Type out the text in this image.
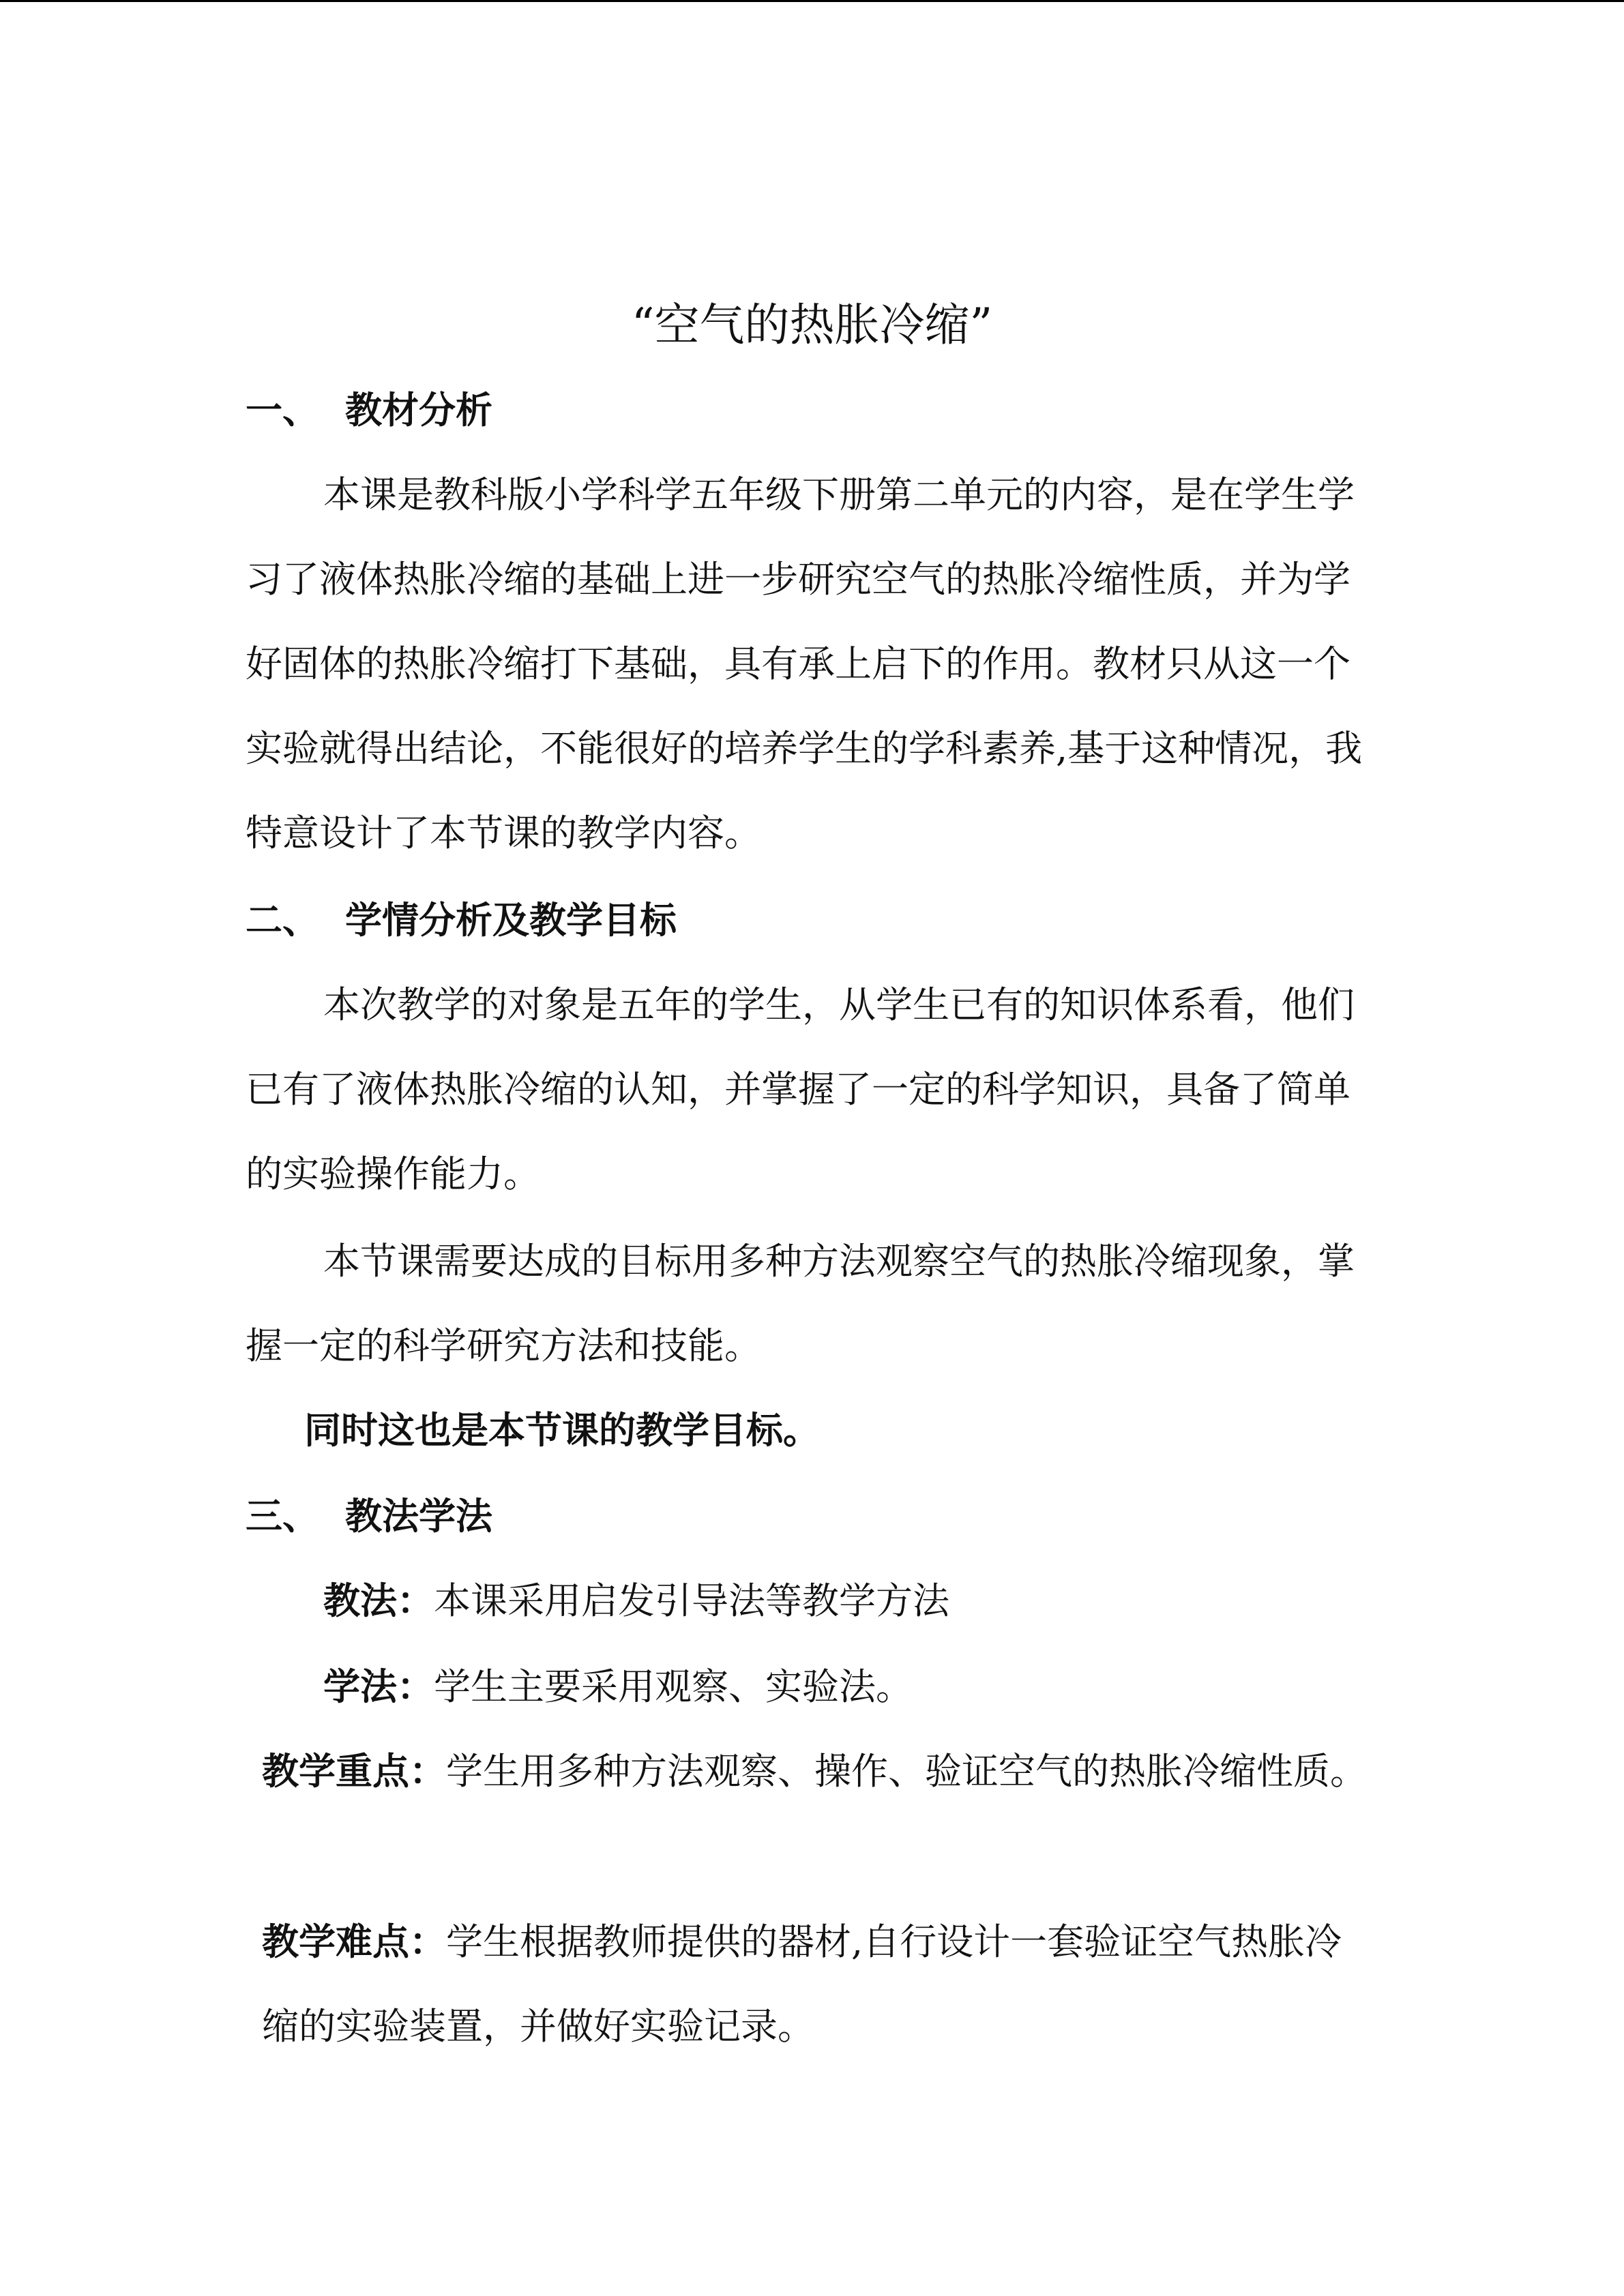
“空气的热胀冷缩”
一、 教材分析
本课是教科版小学科学五年级下册第二单元的内容，是在学生学习了液体热胀冷缩的基础上进一步研究空气的热胀冷缩性质，并为学好固体的热胀冷缩打下基础，具有承上启下的作用。教材只从这一个实验就得出结论，不能很好的培养学生的学科素养,基于这种情况，我特意设计了本节课的教学内容。
二、 学情分析及教学目标
本次教学的对象是五年的学生，从学生已有的知识体系看，他们已有了液体热胀冷缩的认知，并掌握了一定的科学知识，具备了简单的实验操作能力。
本节课需要达成的目标用多种方法观察空气的热胀冷缩现象，掌握一定的科学研究方法和技能。
同时这也是本节课的教学目标。
三、 教法学法
教法：本课采用启发引导法等教学方法
学法：学生主要采用观察、实验法。
教学重点：学生用多种方法观察、操作、验证空气的热胀冷缩性质。
教学难点：学生根据教师提供的器材,自行设计一套验证空气热胀冷缩的实验装置，并做好实验记录。
